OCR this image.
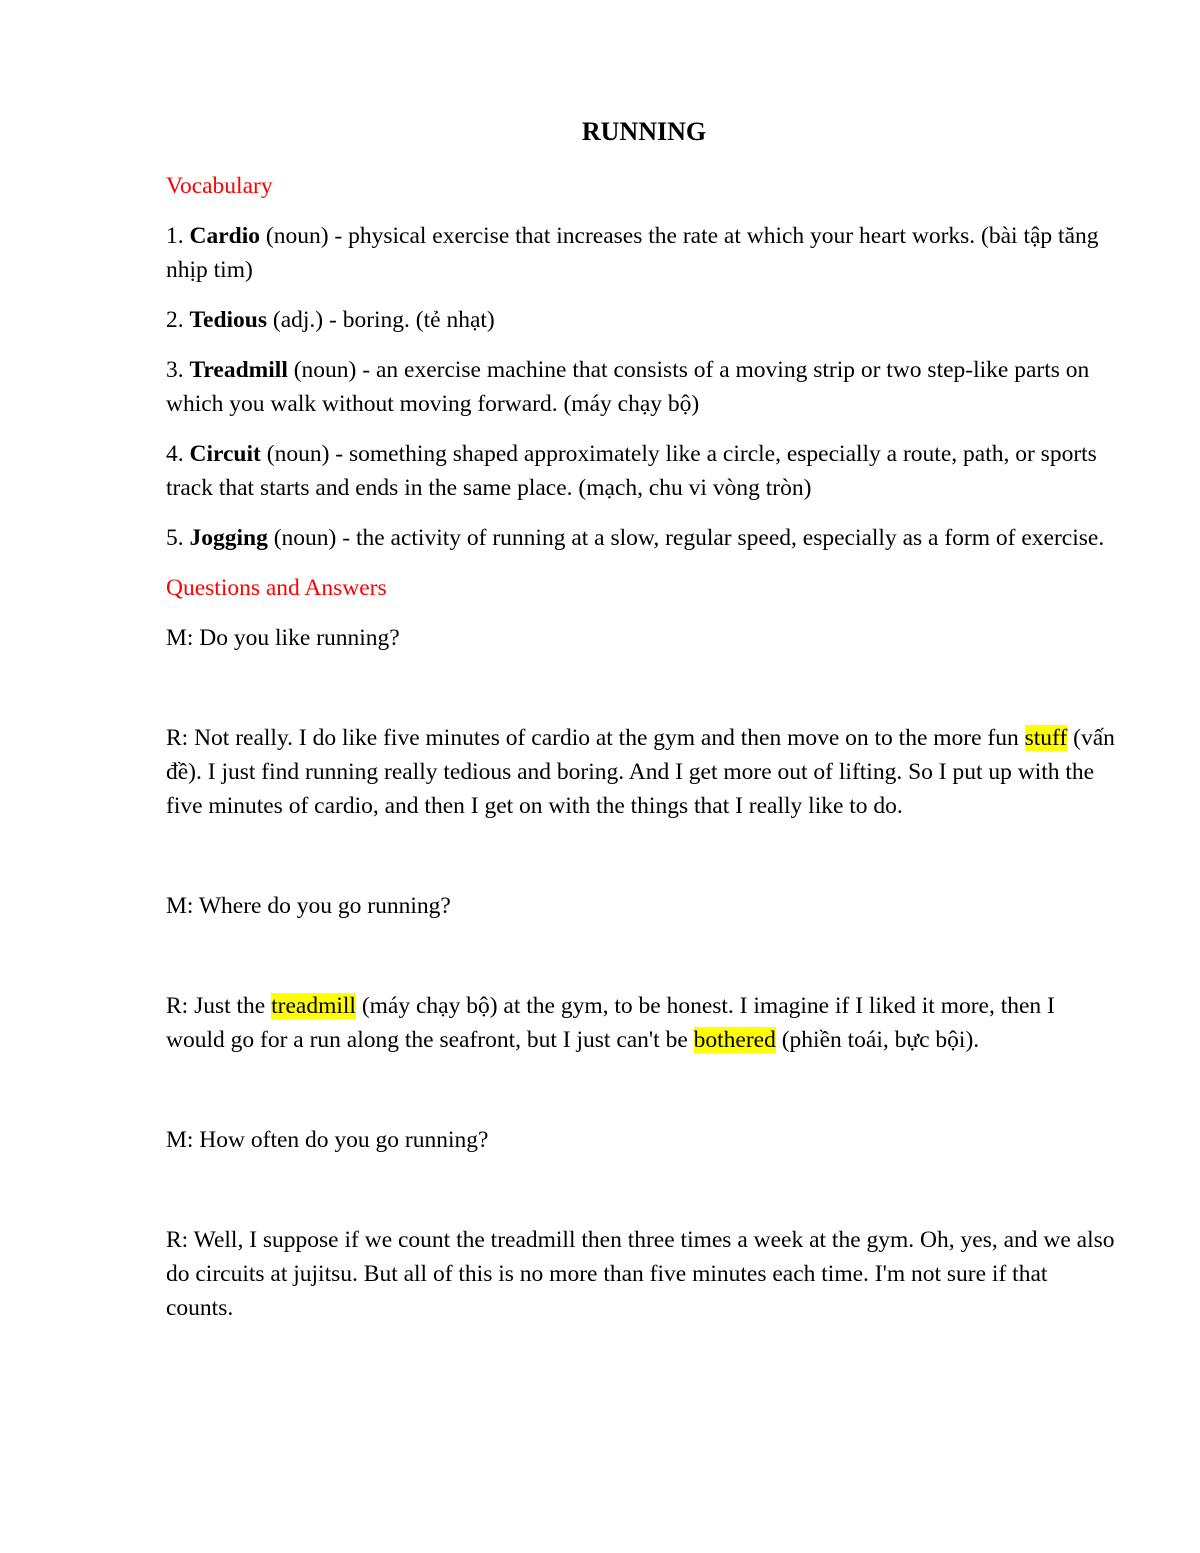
RUNNING
Vocabulary
1. Cardio (noun) - physical exercise that increases the rate at which your heart works. (bài tập tăng nhịp tim)
2. Tedious (adj.) - boring. (tẻ nhạt)
3. Treadmill (noun) - an exercise machine that consists of a moving strip or two step-like parts on which you walk without moving forward. (máy chạy bộ)
4. Circuit (noun) - something shaped approximately like a circle, especially a route, path, or sports track that starts and ends in the same place. (mạch, chu vi vòng tròn)
5. Jogging (noun) - the activity of running at a slow, regular speed, especially as a form of exercise.
Questions and Answers
M: Do you like running?
R: Not really. I do like five minutes of cardio at the gym and then move on to the more fun stuff (vấn đề). I just find running really tedious and boring. And I get more out of lifting. So I put up with the five minutes of cardio, and then I get on with the things that I really like to do.
M: Where do you go running?
R: Just the treadmill (máy chạy bộ) at the gym, to be honest. I imagine if I liked it more, then I would go for a run along the seafront, but I just can't be bothered (phiền toái, bực bội).
M: How often do you go running?
R: Well, I suppose if we count the treadmill then three times a week at the gym. Oh, yes, and we also do circuits at jujitsu. But all of this is no more than five minutes each time. I'm not sure if that counts.
